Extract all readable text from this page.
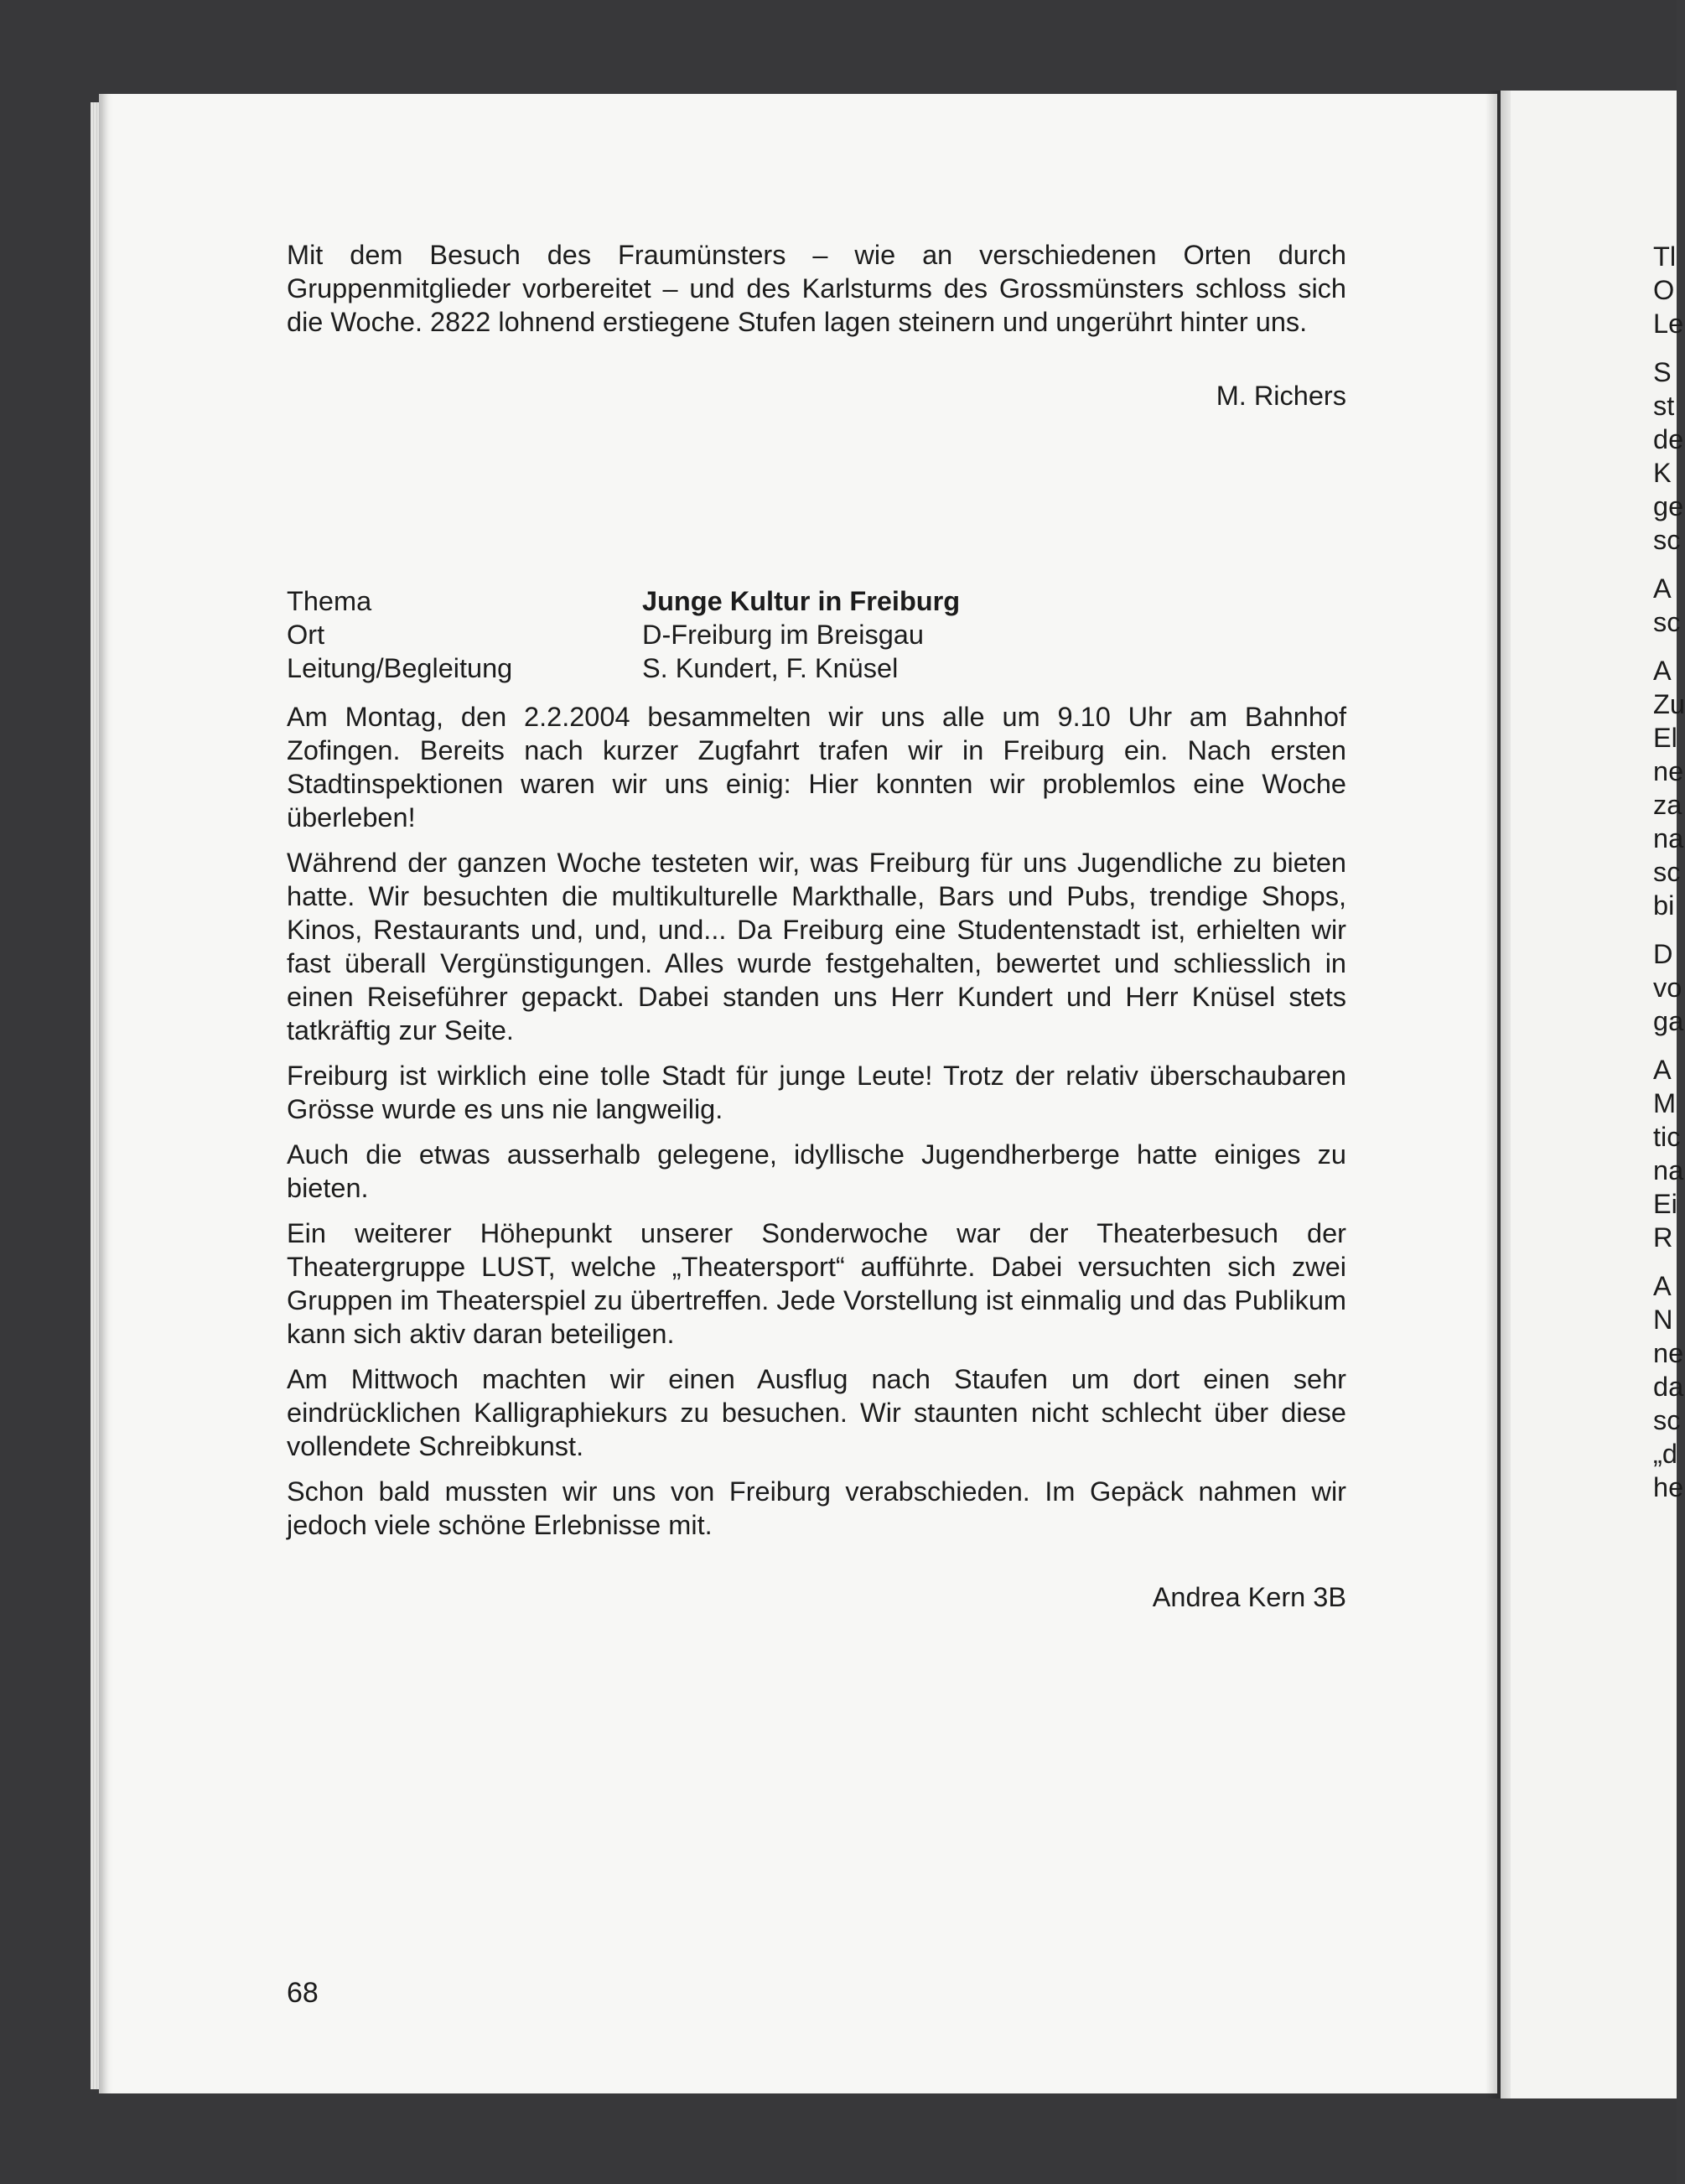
Mit dem Besuch des Fraumünsters – wie an verschiedenen Orten durch Gruppenmitglieder vorbereitet – und des Karlsturms des Grossmünsters schloss sich die Woche. 2822 lohnend erstiegene Stufen lagen steinern und ungerührt hinter uns.

M. Richers

Thema	Junge Kultur in Freiburg
Ort	D-Freiburg im Breisgau
Leitung/Begleitung	S. Kundert, F. Knüsel

Am Montag, den 2.2.2004 besammelten wir uns alle um 9.10 Uhr am Bahnhof Zofingen. Bereits nach kurzer Zugfahrt trafen wir in Freiburg ein. Nach ersten Stadtinspektionen waren wir uns einig: Hier konnten wir problemlos eine Woche überleben!

Während der ganzen Woche testeten wir, was Freiburg für uns Jugendliche zu bieten hatte. Wir besuchten die multikulturelle Markthalle, Bars und Pubs, trendige Shops, Kinos, Restaurants und, und, und... Da Freiburg eine Studentenstadt ist, erhielten wir fast überall Vergünstigungen. Alles wurde festgehalten, bewertet und schliesslich in einen Reiseführer gepackt. Dabei standen uns Herr Kundert und Herr Knüsel stets tatkräftig zur Seite.

Freiburg ist wirklich eine tolle Stadt für junge Leute! Trotz der relativ überschaubaren Grösse wurde es uns nie langweilig.

Auch die etwas ausserhalb gelegene, idyllische Jugendherberge hatte einiges zu bieten.

Ein weiterer Höhepunkt unserer Sonderwoche war der Theaterbesuch der Theatergruppe LUST, welche „Theatersport“ aufführte. Dabei versuchten sich zwei Gruppen im Theaterspiel zu übertreffen. Jede Vorstellung ist einmalig und das Publikum kann sich aktiv daran beteiligen.

Am Mittwoch machten wir einen Ausflug nach Staufen um dort einen sehr eindrücklichen Kalligraphiekurs zu besuchen. Wir staunten nicht schlecht über diese vollendete Schreibkunst.

Schon bald mussten wir uns von Freiburg verabschieden. Im Gepäck nahmen wir jedoch viele schöne Erlebnisse mit.

Andrea Kern 3B

68
Tl
O
Le
S
st
de
K
ge
sc
A
sc
A
Zu
El
ne
za
na
sc
bi
D
vo
ga
A
M
tic
na
Ei
R
A
N
ne
da
sc
„d
he
